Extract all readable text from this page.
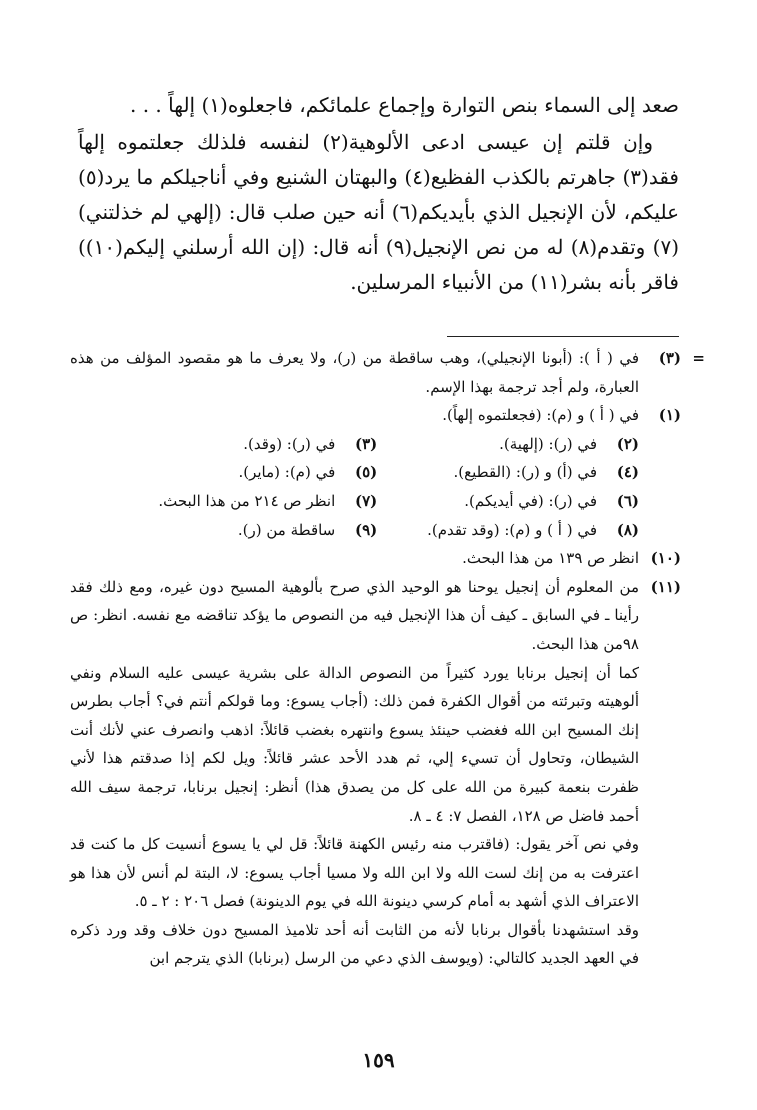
صعد إلى السماء بنص التوارة وإجماع علمائكم، فاجعلوه(١) إلهاً . . .

وإن قلتم إن عيسى ادعى الألوهية(٢) لنفسه فلذلك جعلتموه إلهاً فقد(٣) جاهرتم بالكذب الفظيع(٤) والبهتان الشنيع وفي أناجيلكم ما يرد(٥) عليكم، لأن الإنجيل الذي بأيديكم(٦) أنه حين صلب قال: (إلهي لم خذلتني)(٧) وتقدم(٨) له من نص الإنجيل(٩) أنه قال: (إن الله أرسلني إليكم(١٠)) فاقر بأنه بشر(١١) من الأنبياء المرسلين.

=
(٣)
في ( أ ): (أبونا الإنجيلي)، وهب ساقطة من (ر)، ولا يعرف ما هو مقصود المؤلف من هذه العبارة، ولم أجد ترجمة بهذا الإسم.
(١)
في ( أ ) و (م): (فجعلتموه إلهاً).
(٢)
في (ر): (إلهية).
(٣)
في (ر): (وقد).
(٤)
في (أ) و (ر): (القطيع).
(٥)
في (م): (ماير).
(٦)
في (ر): (في أيديكم).
(٧)
انظر ص ٢١٤ من هذا البحث.
(٨)
في ( أ ) و (م): (وقد تقدم).
(٩)
ساقطة من (ر).
(١٠)
انظر ص ١٣٩ من هذا البحث.
(١١)
من المعلوم أن إنجيل يوحنا هو الوحيد الذي صرح بألوهية المسيح دون غيره، ومع ذلك فقد رأينا ـ في السابق ـ كيف أن هذا الإنجيل فيه من النصوص ما يؤكد تناقضه مع نفسه. انظر: ص ٩٨من هذا البحث.
كما أن إنجيل برنابا يورد كثيراً من النصوص الدالة على بشرية عيسى عليه السلام ونفي ألوهيته وتبرئته من أقوال الكفرة فمن ذلك: (أجاب يسوع: وما قولكم أنتم في؟ أجاب بطرس إنك المسيح ابن الله فغضب حينئذ يسوع وانتهره بغضب قائلاً: اذهب وانصرف عني لأنك أنت الشيطان، وتحاول أن تسيء إلي، ثم هدد الأحد عشر قائلاً: ويل لكم إذا صدقتم هذا لأني ظفرت بنعمة كبيرة من الله على كل من يصدق هذا) أنظر: إنجيل برنابا، ترجمة سيف الله أحمد فاضل ص ١٢٨، الفصل ٧: ٤ ـ ٨.
وفي نص آخر يقول: (فاقترب منه رئيس الكهنة قائلاً: قل لي يا يسوع أنسيت كل ما كنت قد اعترفت به من إنك لست الله ولا ابن الله ولا مسيا أجاب يسوع: لا، البتة لم أنس لأن هذا هو الاعتراف الذي أشهد به أمام كرسي دينونة الله في يوم الدينونة) فصل ٢٠٦ : ٢ ـ ٥.
وقد استشهدنا بأقوال برنابا لأنه من الثابت أنه أحد تلاميذ المسيح دون خلاف وقد ورد ذكره في العهد الجديد كالتالي: (ويوسف الذي دعي من الرسل (برنابا) الذي يترجم ابن
١٥٩
